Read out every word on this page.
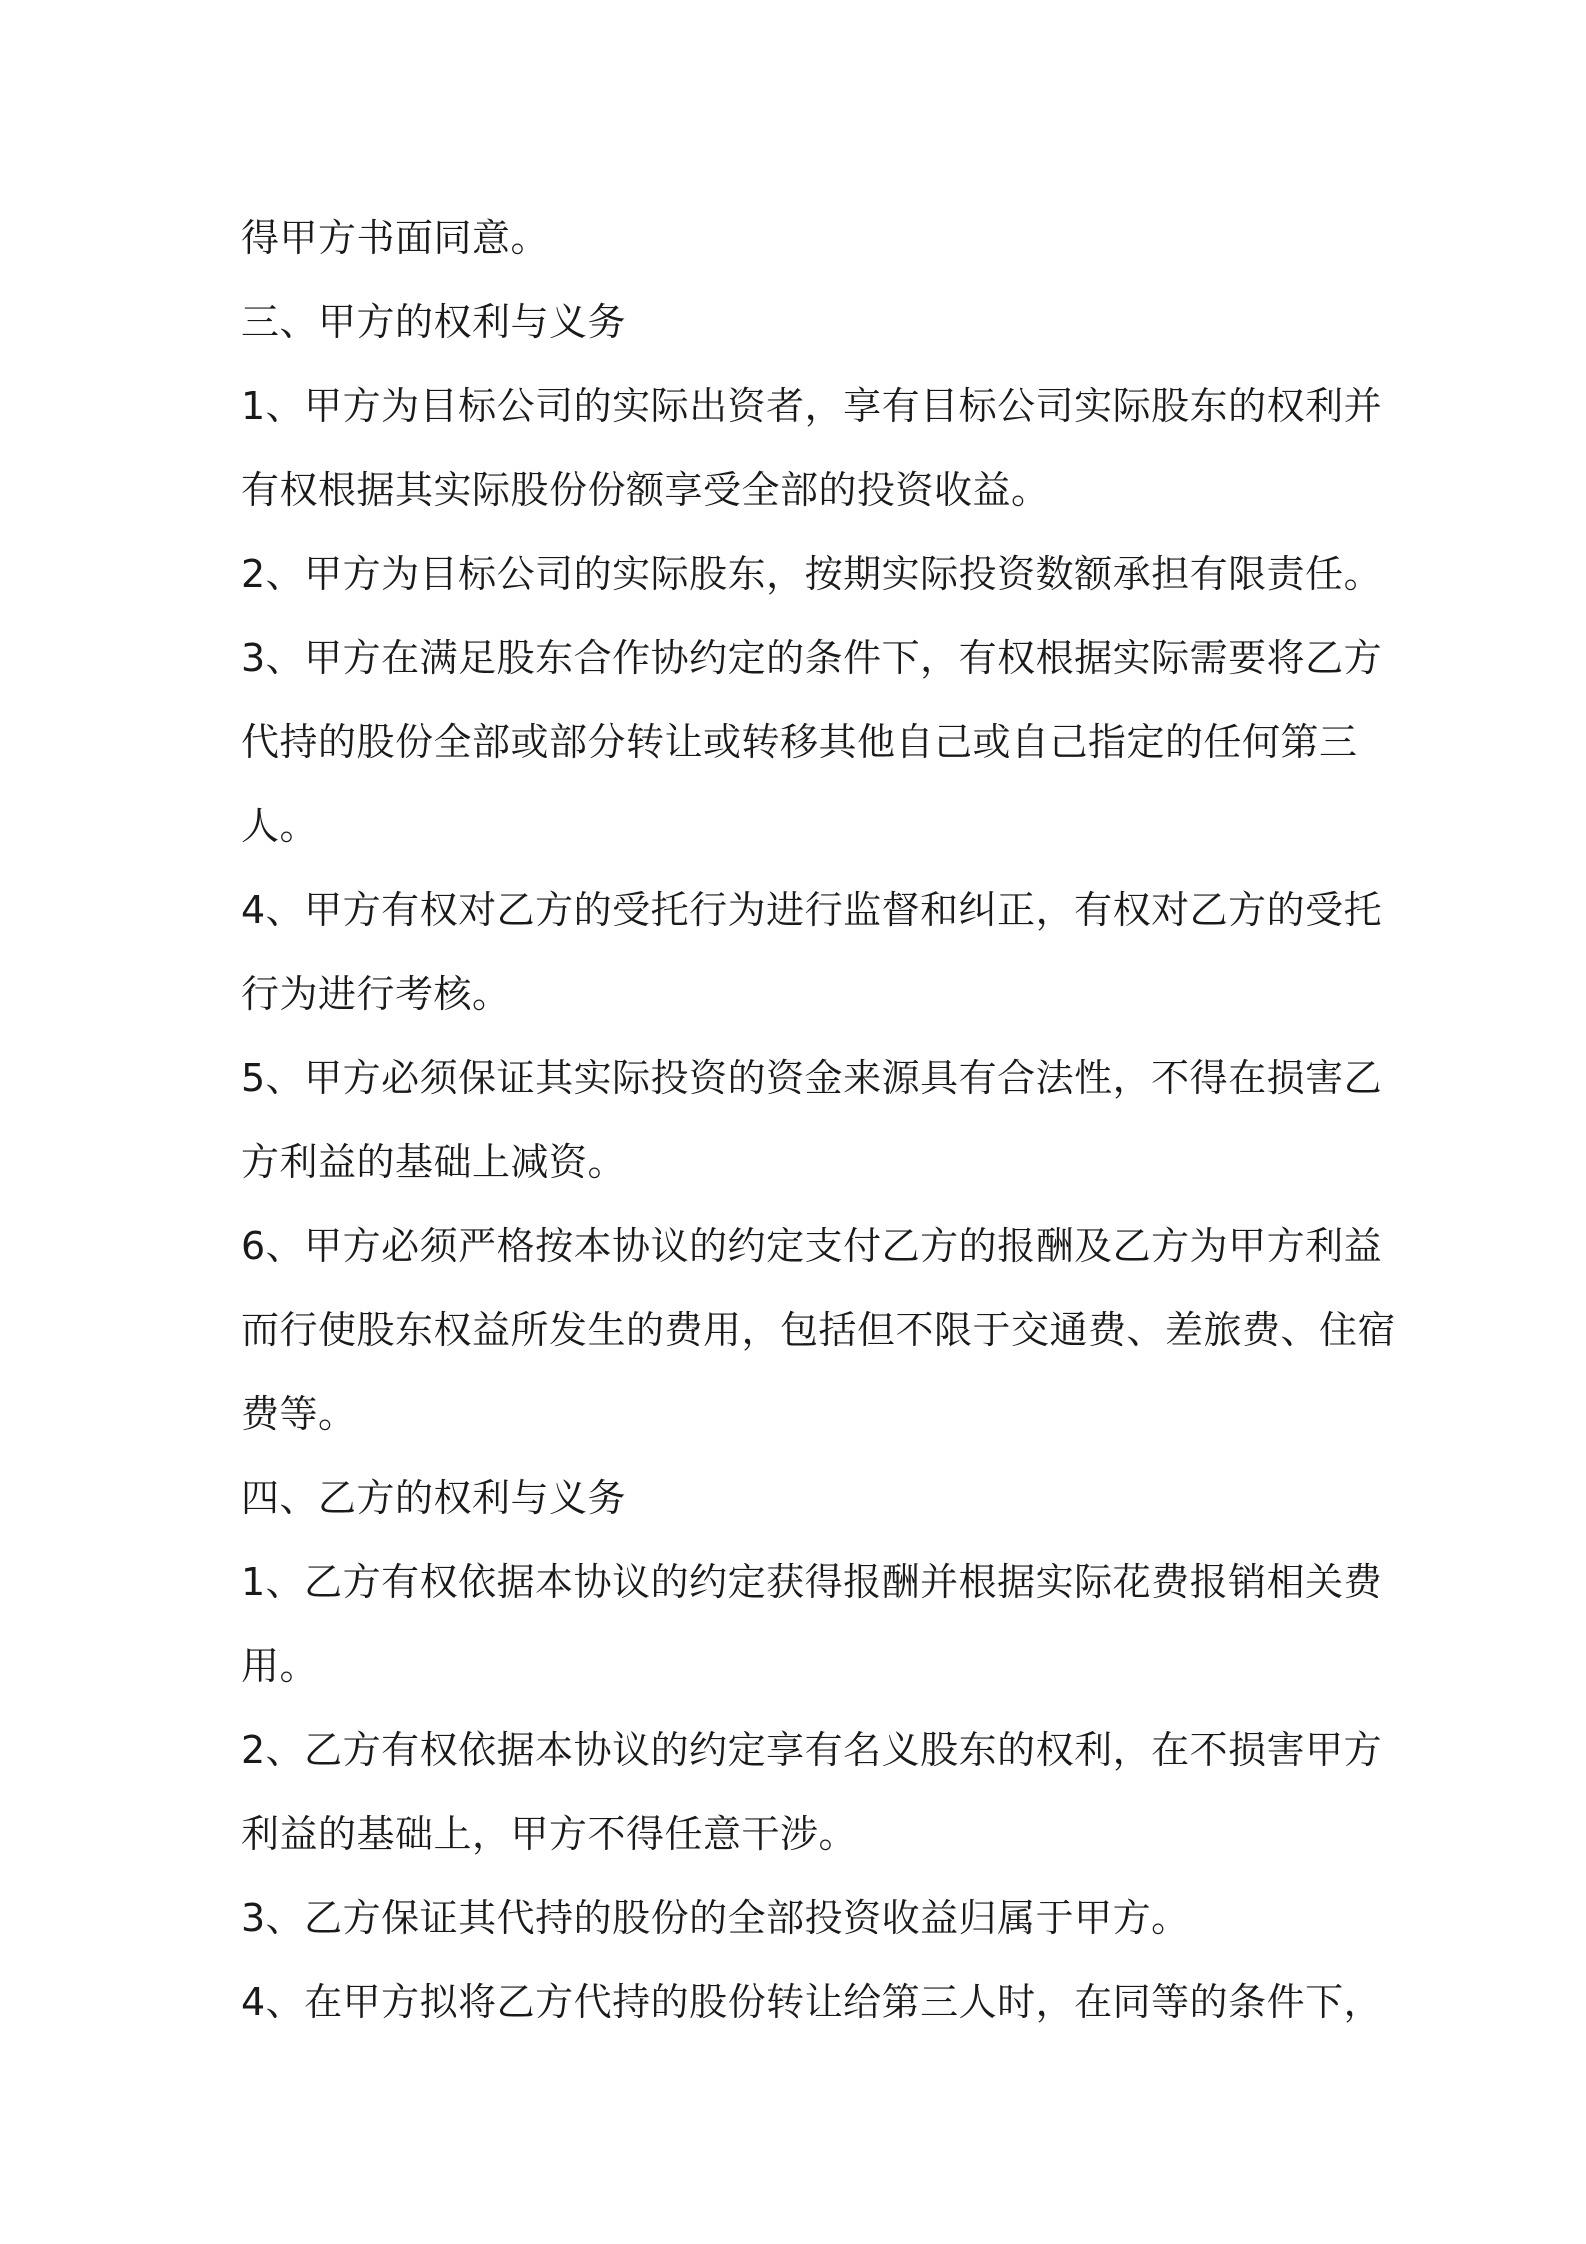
得甲方书面同意。

三、甲方的权利与义务

1、甲方为目标公司的实际出资者，享有目标公司实际股东的权利并

有权根据其实际股份份额享受全部的投资收益。

2、甲方为目标公司的实际股东，按期实际投资数额承担有限责任。

3、甲方在满足股东合作协约定的条件下，有权根据实际需要将乙方

代持的股份全部或部分转让或转移其他自己或自己指定的任何第三

人。

4、甲方有权对乙方的受托行为进行监督和纠正，有权对乙方的受托

行为进行考核。

5、甲方必须保证其实际投资的资金来源具有合法性，不得在损害乙

方利益的基础上减资。

6、甲方必须严格按本协议的约定支付乙方的报酬及乙方为甲方利益

而行使股东权益所发生的费用，包括但不限于交通费、差旅费、住宿

费等。

四、乙方的权利与义务

1、乙方有权依据本协议的约定获得报酬并根据实际花费报销相关费

用。

2、乙方有权依据本协议的约定享有名义股东的权利，在不损害甲方

利益的基础上，甲方不得任意干涉。

3、乙方保证其代持的股份的全部投资收益归属于甲方。

4、在甲方拟将乙方代持的股份转让给第三人时，在同等的条件下，
